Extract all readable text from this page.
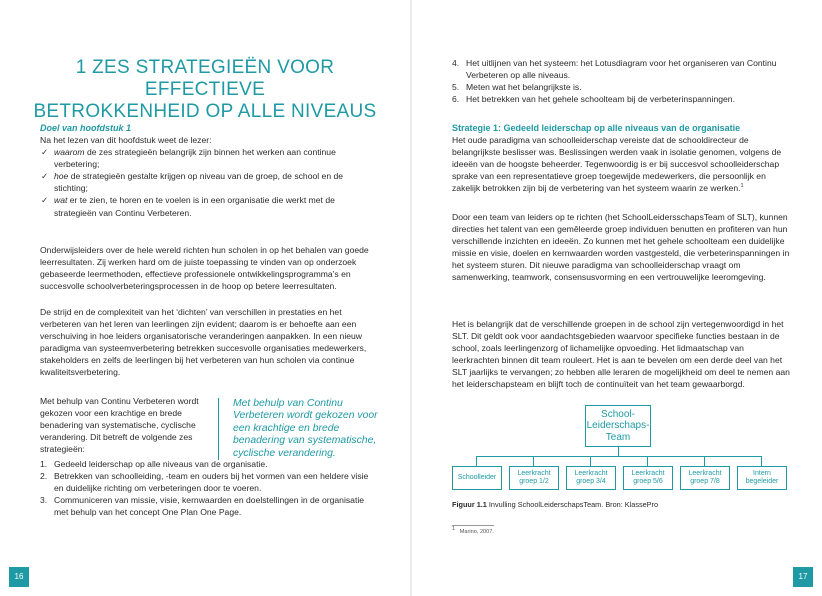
1 ZES STRATEGIEËN VOOR EFFECTIEVE
BETROKKENHEID OP ALLE NIVEAUS
Doel van hoofdstuk 1
Na het lezen van dit hoofdstuk weet de lezer:
✓ waarom de zes strategieën belangrijk zijn binnen het werken aan continue verbetering;
✓ hoe de strategieën gestalte krijgen op niveau van de groep, de school en de stichting;
✓ wat er te zien, te horen en te voelen is in een organisatie die werkt met de strategieën van Continu Verbeteren.

Onderwijsleiders over de hele wereld richten hun scholen in op het behalen van goede leerresultaten. Zij werken hard om de juiste toepassing te vinden van op onderzoek gebaseerde leermethoden, effectieve professionele ontwikkelingsprogramma’s en succesvolle schoolverbeteringsprocessen in de hoop op betere leerresultaten.

De strijd en de complexiteit van het ‘dichten’ van verschillen in prestaties en het verbeteren van het leren van leerlingen zijn evident; daarom is er behoefte aan een verschuiving in hoe leiders organisatorische veranderingen aanpakken. In een nieuw paradigma van systeemverbetering betrekken succesvolle organisaties medewerkers, stakeholders en zelfs de leerlingen bij het verbeteren van hun scholen via continue kwaliteitsverbetering.

Met behulp van Continu Verbeteren wordt gekozen voor een krachtige en brede benadering van systematische, cyclische verandering. Dit betreft de volgende zes strategieën:

Met behulp van Continu Verbeteren wordt gekozen voor een krachtige en brede benadering van systematische, cyclische verandering.
1. Gedeeld leiderschap op alle niveaus van de organisatie.
2. Betrekken van schoolleiding, -team en ouders bij het vormen van een heldere visie en duidelijke richting om verbeteringen door te voeren.
3. Communiceren van missie, visie, kernwaarden en doelstellingen in de organisatie met behulp van het concept One Plan One Page.
16
4. Het uitlijnen van het systeem: het Lotusdiagram voor het organiseren van Continu Verbeteren op alle niveaus.
5. Meten wat het belangrijkste is.
6. Het betrekken van het gehele schoolteam bij de verbeterinspanningen.
Strategie 1: Gedeeld leiderschap op alle niveaus van de organisatie

Het oude paradigma van schoolleiderschap vereiste dat de schooldirecteur de belangrijkste beslisser was. Beslissingen werden vaak in isolatie genomen, volgens de ideeën van de hoogste beheerder. Tegenwoordig is er bij succesvol schoolleiderschap sprake van een representatieve groep toegewijde medewerkers, die persoonlijk en zakelijk betrokken zijn bij de verbetering van het systeem waarin ze werken.$^1$

Door een team van leiders op te richten (het SchoolLeidersschapsTeam of SLT), kunnen directies het talent van een gemêleerde groep individuen benutten en profiteren van hun verschillende inzichten en ideeën. Zo kunnen met het gehele schoolteam een duidelijke missie en visie, doelen en kernwaarden worden vastgesteld, die verbeterinspanningen in het systeem sturen. Dit nieuwe paradigma van schoolleiderschap vraagt om samenwerking, teamwork, consensusvorming en een vertrouwelijke leeromgeving.

Het is belangrijk dat de verschillende groepen in de school zijn vertegenwoordigd in het SLT. Dit geldt ook voor aandachtsgebieden waarvoor specifieke functies bestaan in de school, zoals leerlingenzorg of lichamelijke opvoeding. Het lidmaatschap van leerkrachten binnen dit team rouleert. Het is aan te bevelen om een derde deel van het SLT jaarlijks te vervangen; zo hebben alle leraren de mogelijkheid om deel te nemen aan het leiderschapsteam en blijft toch de continuïteit van het team gewaarborgd.

School-
Leiderschaps-
Team
Schoolleider
Leerkracht
groep 1/2
Leerkracht
groep 3/4
Leerkracht
groep 5/6
Leerkracht
groep 7/8
Intern
begeleider
Figuur 1.1 Invulling SchoolLeiderschapsTeam. Bron: KlassePro
$^1$ Marino, 2007.
17
